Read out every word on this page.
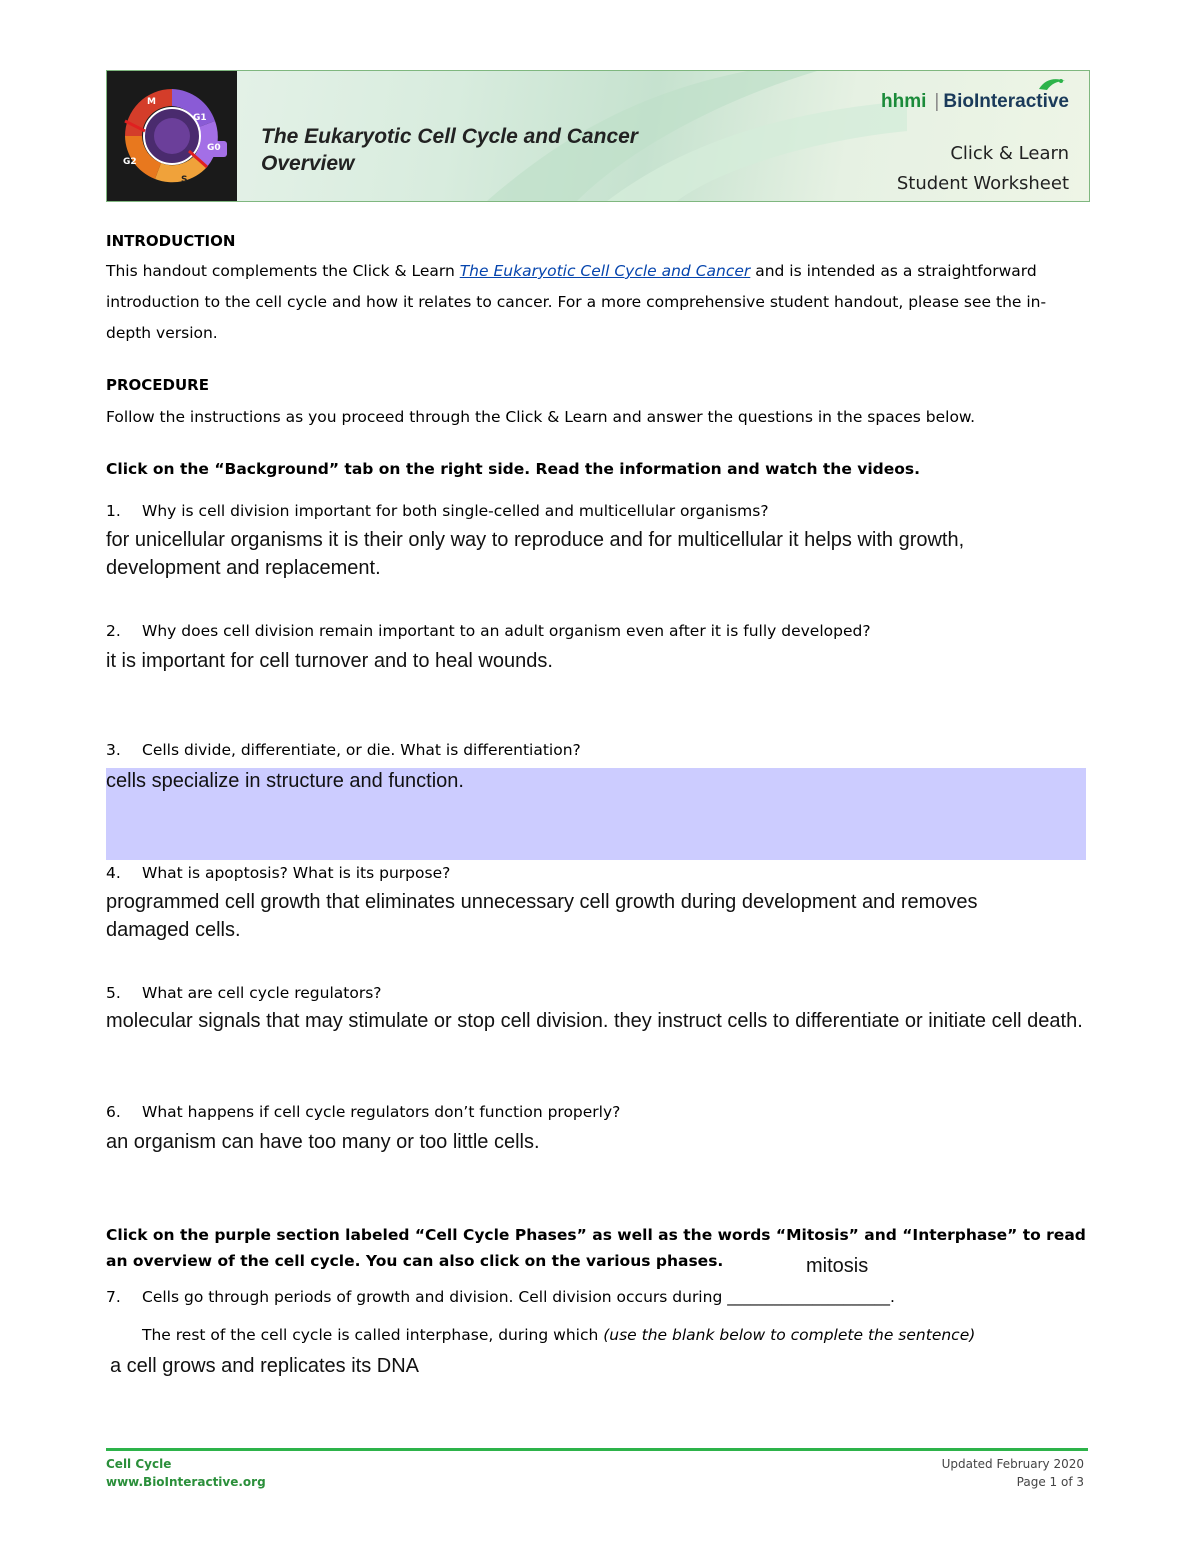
M
G1
G0
S
G2
The Eukaryotic Cell Cycle and Cancer
Overview
hhmi | BioInteractive
Click & Learn
Student Worksheet
INTRODUCTION
This handout complements the Click & Learn The Eukaryotic Cell Cycle and Cancer and is intended as a straightforward introduction to the cell cycle and how it relates to cancer. For a more comprehensive student handout, please see the in-depth version.
PROCEDURE
Follow the instructions as you proceed through the Click & Learn and answer the questions in the spaces below.
Click on the “Background” tab on the right side. Read the information and watch the videos.
1. Why is cell division important for both single-celled and multicellular organisms?
for unicellular organisms it is their only way to reproduce and for multicellular it helps with growth, development and replacement.
2. Why does cell division remain important to an adult organism even after it is fully developed?
it is important for cell turnover and to heal wounds.
3. Cells divide, differentiate, or die. What is differentiation?
cells specialize in structure and function.
4. What is apoptosis? What is its purpose?
programmed cell growth that eliminates unnecessary cell growth during development and removes damaged cells.
5. What are cell cycle regulators?
molecular signals that may stimulate or stop cell division. they instruct cells to differentiate or initiate cell death.
6. What happens if cell cycle regulators don’t function properly?
an organism can have too many or too little cells.
Click on the purple section labeled “Cell Cycle Phases” as well as the words “Mitosis” and “Interphase” to read an overview of the cell cycle. You can also click on the various phases.	mitosis
7. Cells go through periods of growth and division. Cell division occurs during _____________________.
The rest of the cell cycle is called interphase, during which (use the blank below to complete the sentence)
a cell grows and replicates its DNA
Cell Cycle
www.BioInteractive.org
Updated February 2020
Page 1 of 3
